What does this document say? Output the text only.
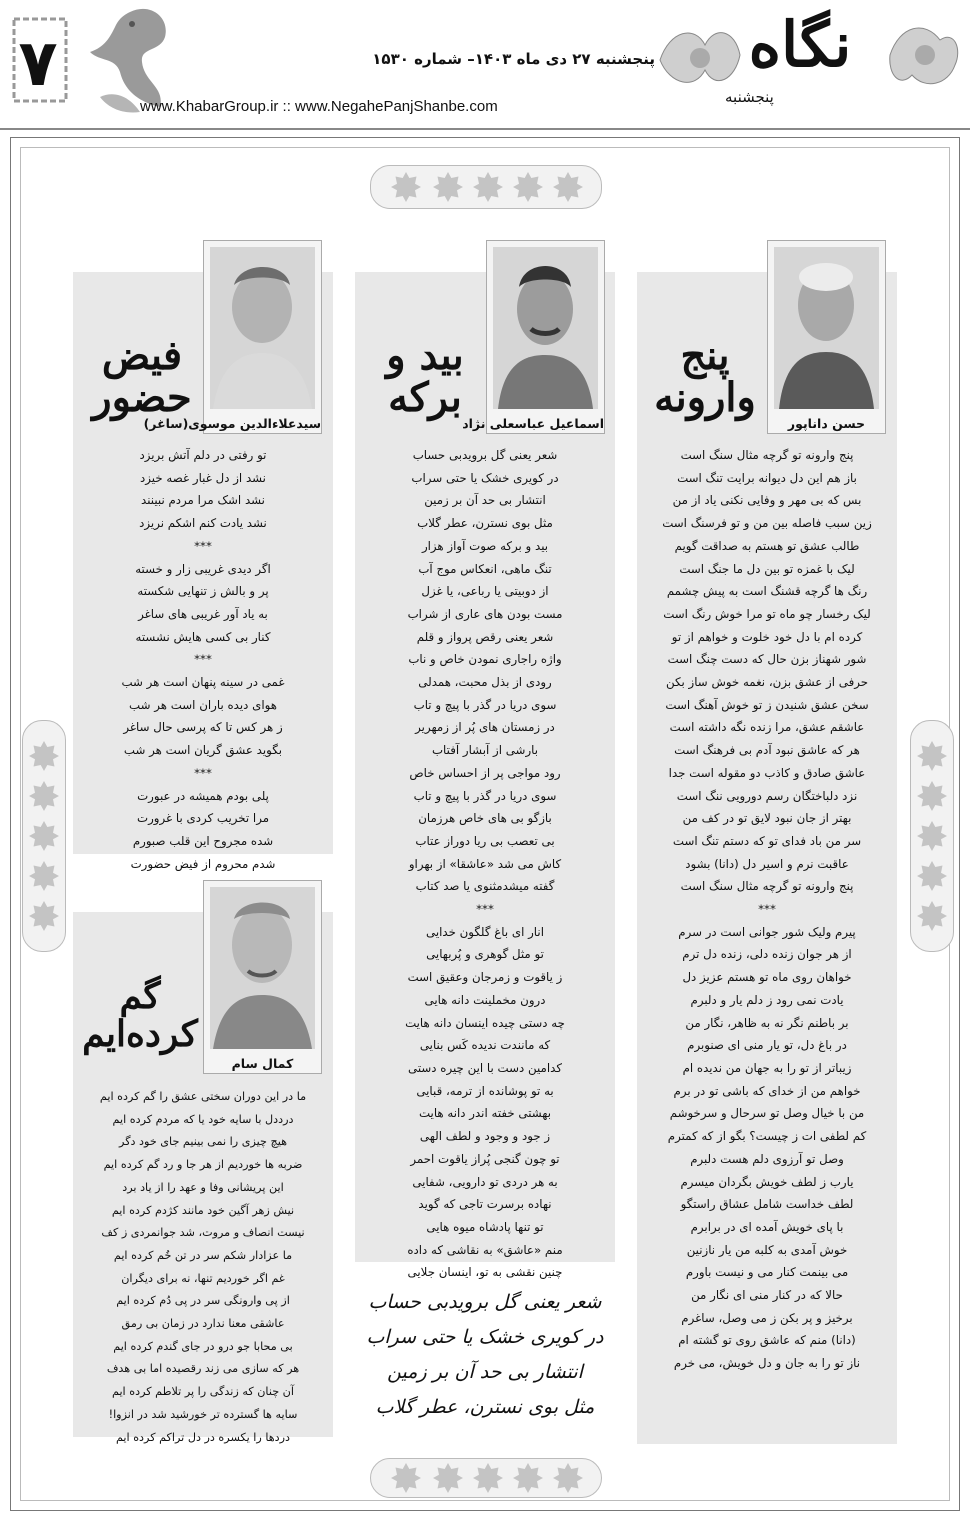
۷	پنجشنبه ۲۷ دی ماه ۱۴۰۳– شماره ۱۵۳۰
www.KhabarGroup.ir :: www.NegahePanjShanbe.com
نگاه
پنجشنبه
حسن داناپور
پنج
وارونه
پنج وارونه تو گرچه مثال سنگ است
باز هم این دل دیوانه برایت تنگ است
بس که بی مهر و وفایی نکنی یاد از من
زین سبب فاصله بین من و تو فرسنگ است
طالب عشق تو هستم به صداقت گویم
لیک با غمزه تو بین دل ما جنگ است
رنگ ها گرچه قشنگ است به پیش چشمم
لیک رخسار چو ماه تو مرا خوش رنگ است
کرده ام با دل خود خلوت و خواهم از تو
شور شهناز بزن حال که دست چنگ است
حرفی از عشق بزن، نغمه خوش ساز بکن
سخن عشق شنیدن ز تو خوش آهنگ است
عاشقم عشق، مرا زنده نگه داشته است
هر که عاشق نبود آدم بی فرهنگ است
عاشق صادق و کاذب دو مقوله است جدا
نزد دلباختگان رسم دورویی ننگ است
بهتر از جان نبود لایق تو در کف من
سر من باد فدای تو که دستم تنگ است
عاقبت نرم و اسیر دل (دانا) بشود
پنج وارونه تو گرچه مثال سنگ است
***
پیرم ولیک شور جوانی است در سرم
از هر جوان زنده دلی، زنده دل ترم
خواهان روی ماه تو هستم عزیز دل
یادت نمی رود ز دلم یار و دلبرم
بر باطنم نگر نه به ظاهر، نگار من
در باغ دل، تو یار منی ای صنوبرم
زیباتر از تو را به جهان من ندیده ام
خواهم من از خدای که باشی تو در برم
من با خیال وصل تو سرحال و سرخوشم
کم لطفی ات ز چیست؟ بگو از که کمترم
وصل تو آرزوی دلم هست دلبرم
یارب ز لطف خویش بگردان میسرم
لطف خداست شامل عشاق راستگو
با پای خویش آمده ای در برابرم
خوش آمدی به کلبه من یار نازنین
می بینمت کنار می و نیست باورم
حالا که در کنار منی ای نگار من
برخیز و پر بکن ز می وصل، ساغرم
(دانا) منم که عاشق روی تو گشته ام
ناز تو را به جان و دل خویش، می خرم
اسماعیل عباسعلی نژاد
بید و
برکه
شعر یعنی گل برویدبی حساب
در کویری خشک یا حتی سراب
انتشار بی حد آن بر زمین
مثل بوی نسترن، عطر گلاب
بید و برکه صوت آواز هزار
تنگ ماهی، انعکاس موج آب
از دوبیتی یا رباعی، یا غزل
مست بودن های عاری از شراب
شعر یعنی رقص پرواز و قلم
واژه راجاری نمودن خاص و ناب
رودی از بذل محبت، همدلی
سوی دریا در گذر با پیچ و تاب
در زمستان های پُر از زمهریر
بارشی از آبشار آفتاب
رود مواجی پر از احساس خاص
سوی دریا در گذر با پیچ و تاب
بازگو بی های خاص هرزمان
بی تعصب بی ریا دوراز عتاب
کاش می شد «عاشقا» از بهراو
گفته میشدمثنوی یا صد کتاب
***
انار ای باغ گلگون خدایی
تو مثل گوهری و پُربهایی
ز یاقوت و زمرجان وعقیق است
درون مخملینت دانه هایی
چه دستی چیده اینسان دانه هایت
که مانندت ندیده کَس بنایی
کدامین دست با این چیره دستی
به تو پوشانده از ترمه، قبایی
بهشتی خفته اندر دانه هایت
ز جود و وجود و لطف الهی
تو چون گنجی پُراز یاقوت احمر
به هر دردی تو دارویی، شفایی
نهاده برسرت تاجی که گوید
تو تنها پادشاه میوه هایی
منم «عاشق» به نقاشی که داده
چنین نقشی به تو، اینسان جلایی
شعر یعنی گل برویدبی حساب
در کویری خشک یا حتی سراب
انتشار بی حد آن بر زمین
مثل بوی نسترن، عطر گلاب
سیدعلاءالدین موسوی(ساغر)
فیض
حضور
تو رفتی در دلم آتش بریزد
نشد از دل غبار غصه خیزد
نشد اشک مرا مردم نبینند
نشد یادت کنم اشکم نریزد
***
اگر دیدی غریبی زار و خسته
پر و بالش ز تنهایی شکسته
به یاد آور غریبی های ساغر
کنار بی کسی هایش نشسته
***
غمی در سینه پنهان است هر شب
هوای دیده باران است هر شب
ز هر کس تا که پرسی حال ساغر
بگوید عشق گریان است هر شب
***
پلی بودم همیشه در عبورت
مرا تخریب کردی با غرورت
شده مجروح این قلب صبورم
شدم محروم از فیض حضورت
کمال سام
گم
کرده‌ایم
ما در این دوران سختی عشق را گم کرده ایم
درددل با سایه خود یا که مردم کرده ایم
هیچ چیزی را نمی بینیم جای خود دگر
ضربه ها خوردیم از هر جا و رد گم کرده ایم
این پریشانی وفا و عهد را از یاد برد
نیش زهر آگین خود مانند کژدم کرده ایم
نیست انصاف و مروت، شد جوانمردی ز کف
ما عزادار شکم سر در تن خُم کرده ایم
غم اگر خوردیم تنها، نه برای دیگران
از پی وارونگی سر در پی دُم کرده ایم
عاشقی معنا ندارد در زمان بی رمق
بی محابا جو درو در جای گندم کرده ایم
هر که سازی می زند رقصیده اما بی هدف
آن چنان که زندگی را پر تلاطم کرده ایم
سایه ها گسترده تر خورشید شد در انزوا!
دردها را یکسره در دل تراکم کرده ایم
